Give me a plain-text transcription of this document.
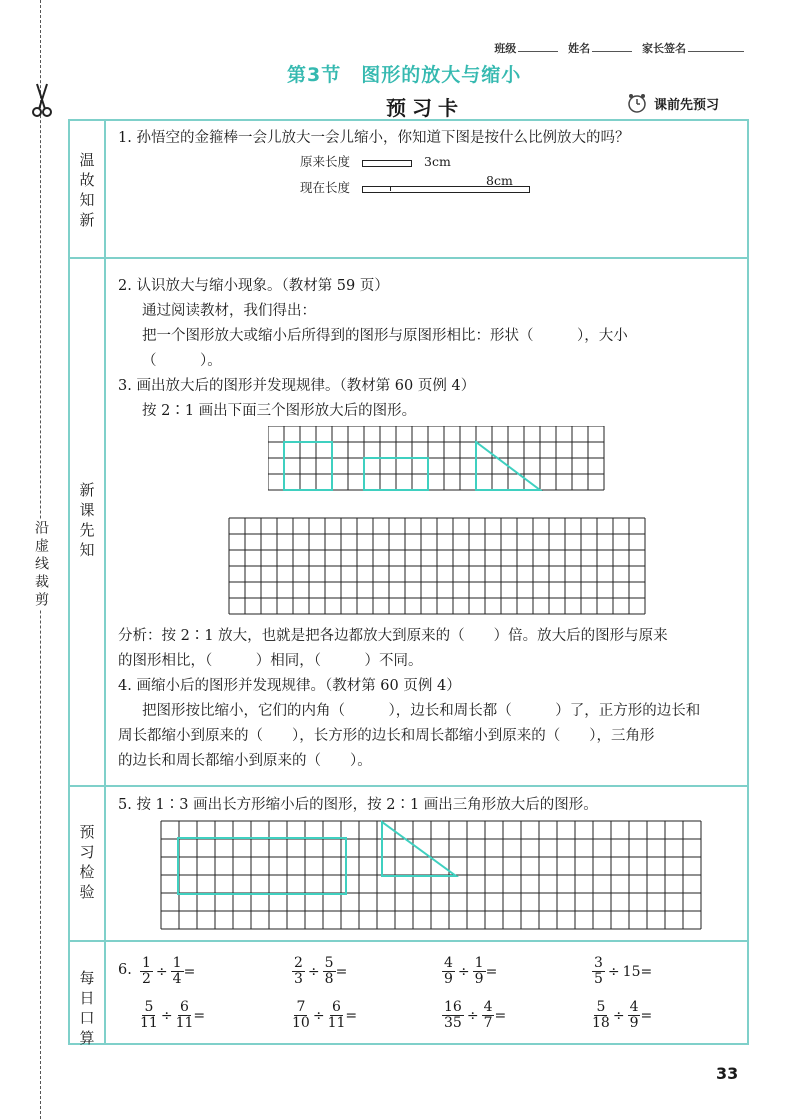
沿虚线裁剪
班级	姓名	家长签名
第3节　图形的放大与缩小
预习卡	课前先预习
温
故
知
新
新
课
先
知
预
习
检
验
每
日
口
算
1. 孙悟空的金箍棒一会儿放大一会儿缩小，你知道下图是按什么比例放大的吗？
原来长度	3cm
8cm
现在长度
2. 认识放大与缩小现象。（教材第 59 页）
通过阅读教材，我们得出：
把一个图形放大或缩小后所得到的图形与原图形相比：形状（　　　），大小
（　　　）。
3. 画出放大后的图形并发现规律。（教材第 60 页例 4）
按 2∶1 画出下面三个图形放大后的图形。
分析：按 2∶1 放大，也就是把各边都放大到原来的（　　）倍。放大后的图形与原来
的图形相比，（　　　）相同，（　　　）不同。
4. 画缩小后的图形并发现规律。（教材第 60 页例 4）
把图形按比缩小，它们的内角（　　　），边长和周长都（　　　）了，正方形的边长和
周长都缩小到原来的（　　），长方形的边长和周长都缩小到原来的（　　），三角形
的边长和周长都缩小到原来的（　　）。
5. 按 1∶3 画出长方形缩小后的图形，按 2∶1 画出三角形放大后的图形。
6. $\frac{1}{2} \div \frac{1}{4}$ =	$\frac{2}{3} \div \frac{5}{8}$ =	$\frac{4}{9} \div \frac{1}{9}$ =	$\frac{3}{5} \div 15=$
$\frac{5}{11} \div \frac{6}{11}$ =	$\frac{7}{10} \div \frac{6}{11}$ =	$\frac{16}{35} \div \frac{4}{7}$ =	$\frac{5}{18} \div \frac{4}{9}$ =
33
